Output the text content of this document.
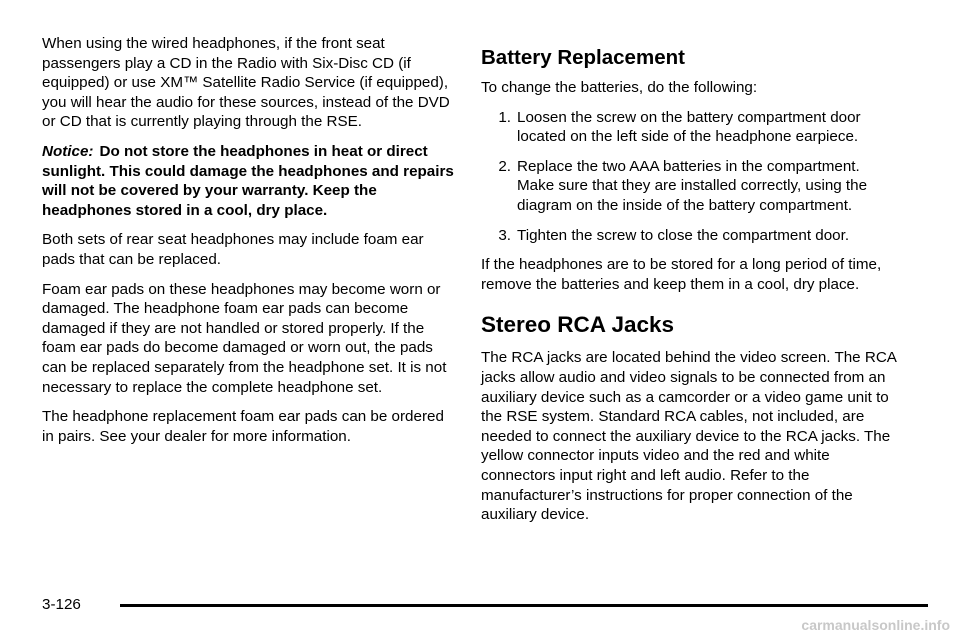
When using the wired headphones, if the front seat passengers play a CD in the Radio with Six-Disc CD (if equipped) or use XM™ Satellite Radio Service (if equipped), you will hear the audio for these sources, instead of the DVD or CD that is currently playing through the RSE.

Notice: Do not store the headphones in heat or direct sunlight. This could damage the headphones and repairs will not be covered by your warranty. Keep the headphones stored in a cool, dry place.

Both sets of rear seat headphones may include foam ear pads that can be replaced.

Foam ear pads on these headphones may become worn or damaged. The headphone foam ear pads can become damaged if they are not handled or stored properly. If the foam ear pads do become damaged or worn out, the pads can be replaced separately from the headphone set. It is not necessary to replace the complete headphone set.

The headphone replacement foam ear pads can be ordered in pairs. See your dealer for more information.

Battery Replacement

To change the batteries, do the following:

1. Loosen the screw on the battery compartment door located on the left side of the headphone earpiece.
2. Replace the two AAA batteries in the compartment. Make sure that they are installed correctly, using the diagram on the inside of the battery compartment.
3. Tighten the screw to close the compartment door.

If the headphones are to be stored for a long period of time, remove the batteries and keep them in a cool, dry place.

Stereo RCA Jacks

The RCA jacks are located behind the video screen. The RCA jacks allow audio and video signals to be connected from an auxiliary device such as a camcorder or a video game unit to the RSE system. Standard RCA cables, not included, are needed to connect the auxiliary device to the RCA jacks. The yellow connector inputs video and the red and white connectors input right and left audio. Refer to the manufacturer’s instructions for proper connection of the auxiliary device.

3-126
carmanualsonline.info
